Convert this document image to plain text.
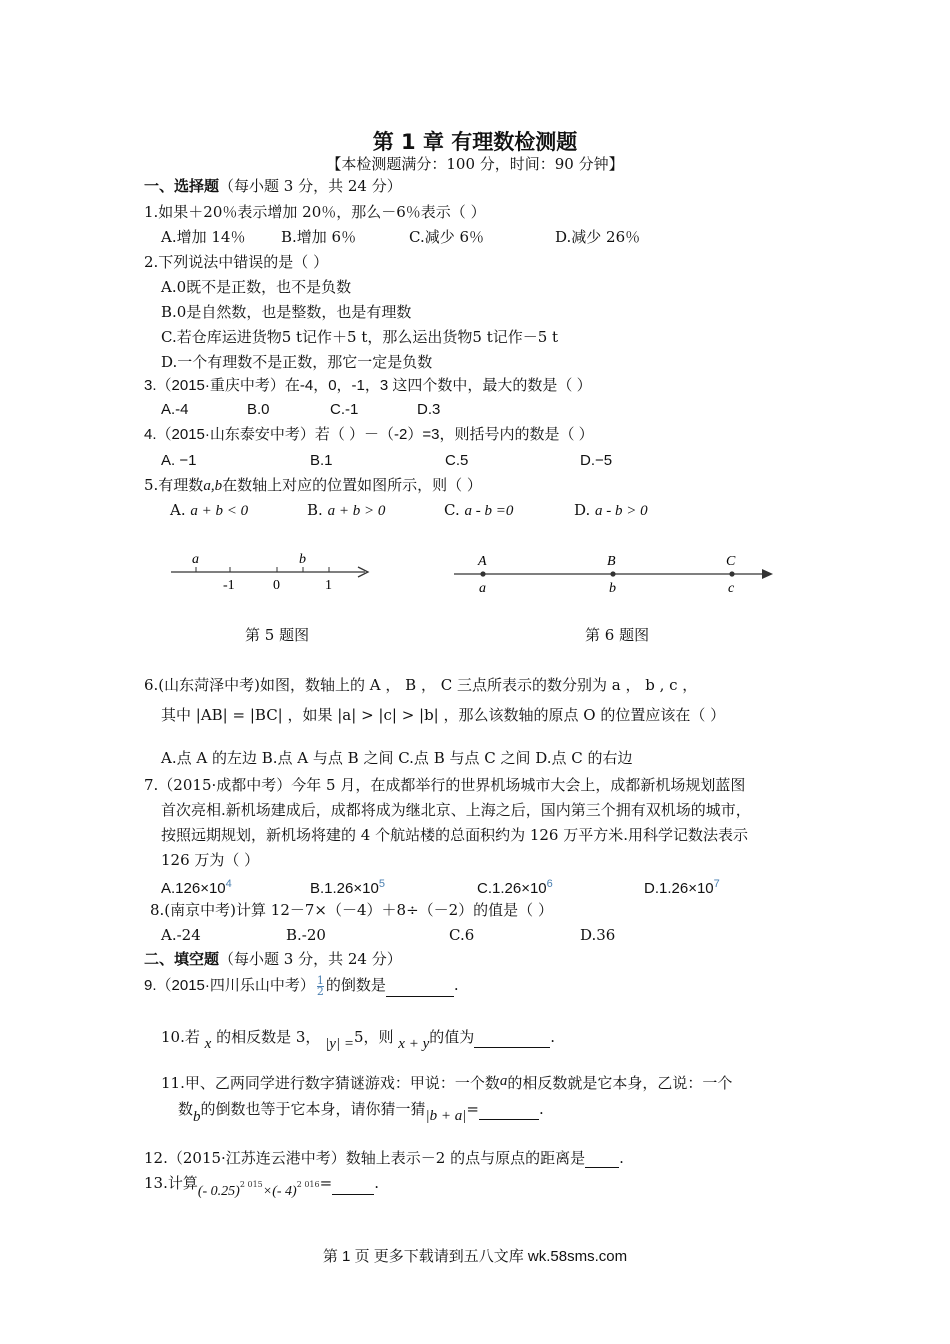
第 1 章 有理数检测题
【本检测题满分：100 分，时间：90 分钟】
一、选择题（每小题 3 分，共 24 分）
1.如果＋20％表示增加 20％，那么－6％表示（ ）
A.增加 14％ B.增加 6％	C.减少 6％	D.减少 26％
2.下列说法中错误的是（ ）
A.0既不是正数，也不是负数
B.0是自然数，也是整数，也是有理数
C.若仓库运进货物5 t记作＋5 t，那么运出货物5 t记作－5 t
D.一个有理数不是正数，那它一定是负数
3.（2015·重庆中考）在-4，0，-1，3 这四个数中，最大的数是（ ）
A.-4	B.0	C.-1	D.3
4.（2015·山东泰安中考）若（ ）－（-2）=3，则括号内的数是（ ）
A. −1	B.1	C.5	D.−5
5.有理数a,b在数轴上对应的位置如图所示，则（ ）
A. a + b < 0	B. a + b > 0	C. a - b =0	D. a - b > 0
a	b
-1	0	1
A	B	C
a	b	c
第 5 题图	第 6 题图
6.(山东菏泽中考)如图，数轴上的 A ， B ， C 三点所表示的数分别为 a ， b , c ，
其中 |AB| = |BC| ，如果 |a| > |c| > |b| ，那么该数轴的原点 O 的位置应该在（ ）
A.点 A 的左边 B.点 A 与点 B 之间 C.点 B 与点 C 之间 D.点 C 的右边
7.（2015·成都中考）今年 5 月，在成都举行的世界机场城市大会上，成都新机场规划蓝图
首次亮相.新机场建成后，成都将成为继北京、上海之后，国内第三个拥有双机场的城市，
按照远期规划，新机场将建的 4 个航站楼的总面积约为 126 万平方米.用科学记数法表示
126 万为（ ）
$A.126\times 10^4$	$B.1.26\times 10^5$	$C.1.26\times 10^6$	$D.1.26\times 10^7$
8.(南京中考)计算 12－7×（－4）＋8÷（－2）的值是（ ）
A.-24	B.-20	C.6	D.36
二、填空题（每小题 3 分，共 24 分）
9.（2015·四川乐山中考） $\frac{1}{2}$ 的倒数是	.
10.若 x 的相反数是 3， |y| =5，则 x + y的值为	.
11.甲、乙两同学进行数字猜谜游戏：甲说：一个数a的相反数就是它本身，乙说：一个
数b的倒数也等于它本身，请你猜一猜|b + a|=	.
12.（2015·江苏连云港中考）数轴上表示－2 的点与原点的距离是 .
13.计算(- 0.25)$^{2 015}$×(- 4)$^{2 016}$=	.
第 1 页 更多下载请到五八文库 wk.58sms.com
